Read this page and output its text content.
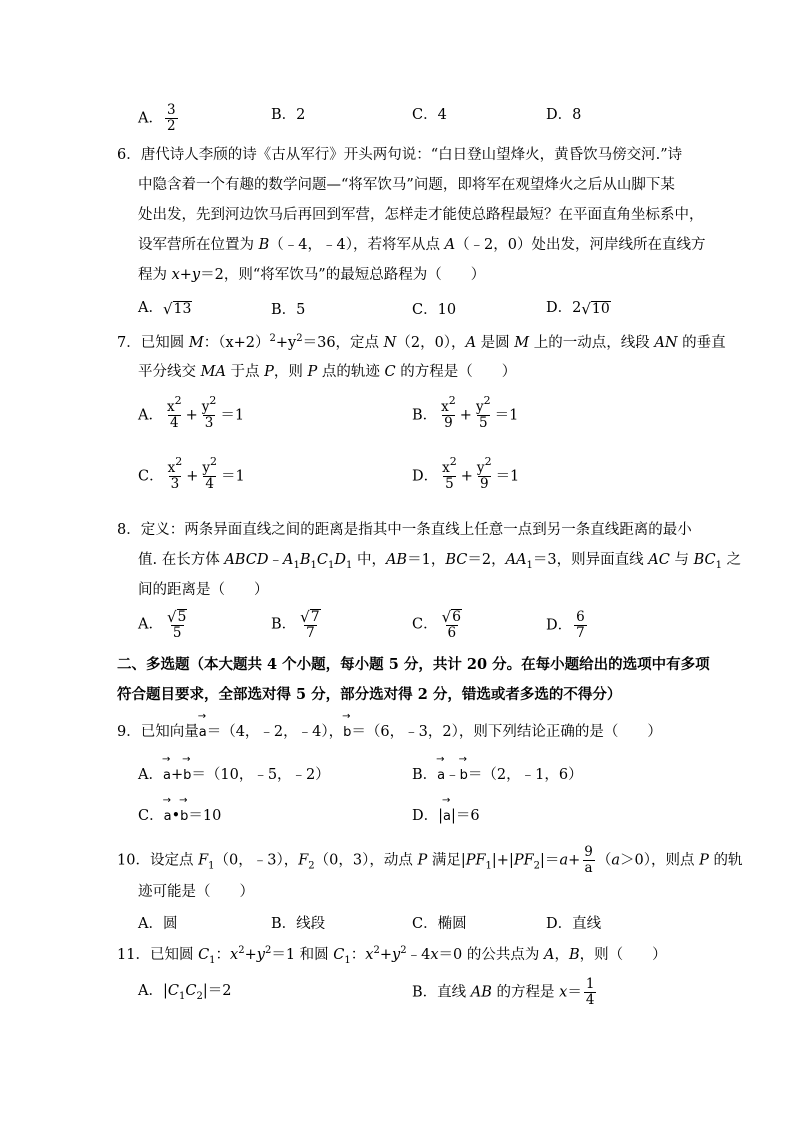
A． $\frac{3}{2}$	B．2	C．4	D．8
6．唐代诗人李颀的诗《古从军行》开头两句说：“白日登山望烽火，黄昏饮马傍交河.”诗
中隐含着一个有趣的数学问题—“将军饮马”问题，即将军在观望烽火之后从山脚下某
处出发，先到河边饮马后再回到军营，怎样走才能使总路程最短？在平面直角坐标系中，
设军营所在位置为 B（﹣4，﹣4），若将军从点 A（﹣2，0）处出发，河岸线所在直线方
程为 x+y＝2，则“将军饮马”的最短总路程为（　　）
A． √ 13	B．5	C．10	D．2 √ 10
7．已知圆 M：$(x+2)^2+y^2=36$，定点 N（2，0），A 是圆 M 上的一动点，线段 AN 的垂直
平分线交 MA 于点 P，则 P 点的轨迹 C 的方程是（　　）
A． $\frac{x^2}{4} + \frac{y^2}{3} =1$	B． $\frac{x^2}{9} + \frac{y^2}{5} =1$
C． $\frac{x^2}{3} + \frac{y^2}{4} =1$	D． $\frac{x^2}{5} + \frac{y^2}{9} =1$
8．定义：两条异面直线之间的距离是指其中一条直线上任意一点到另一条直线距离的最小
值. 在长方体 $ABCD﹣A_1B_1C_1D_1$ 中，AB＝1，BC＝2，$AA_1=3$，则异面直线 AC 与 $BC_1$ 之
间的距离是（　　）
A． $\frac{√ 5}{5}$	B． $\frac{√ 7}{7}$	C． $\frac{√ 6}{6}$	D． $\frac{6}{7}$
二、多选题（本大题共 4 个小题，每小题 5 分，共计 20 分。在每小题给出的选项中有多项
符合题目要求，全部选对得 5 分，部分选对得 2 分，错选或者多选的不得分）
9．已知向量→ a＝（4，﹣2，﹣4），→ b＝（6，﹣3，2），则下列结论正确的是（　　）
A．→ a+→ b＝（10，﹣5，﹣2）	B．→ a﹣→ b＝（2，﹣1，6）
C．→ a•→ b＝10	D．|→ a|＝6
10．设定点 $F_1(0$，﹣3），$F_2(0$，3），动点 P 满足$|PF_1|+|PF_2|=a+ \frac{9}{a} (a>0)$，则点 P 的轨
迹可能是（　　）
A．圆	B．线段	C．椭圆	D．直线
11．已知圆 $C_1$：$x^2+y^2=1$ 和圆 $C_1$：$x^2+y^2﹣4x=0$ 的公共点为 A，B，则（　　）
A．$|C_1C_2|=2$	B．直线 AB 的方程是 $x= \frac{1}{4}$
